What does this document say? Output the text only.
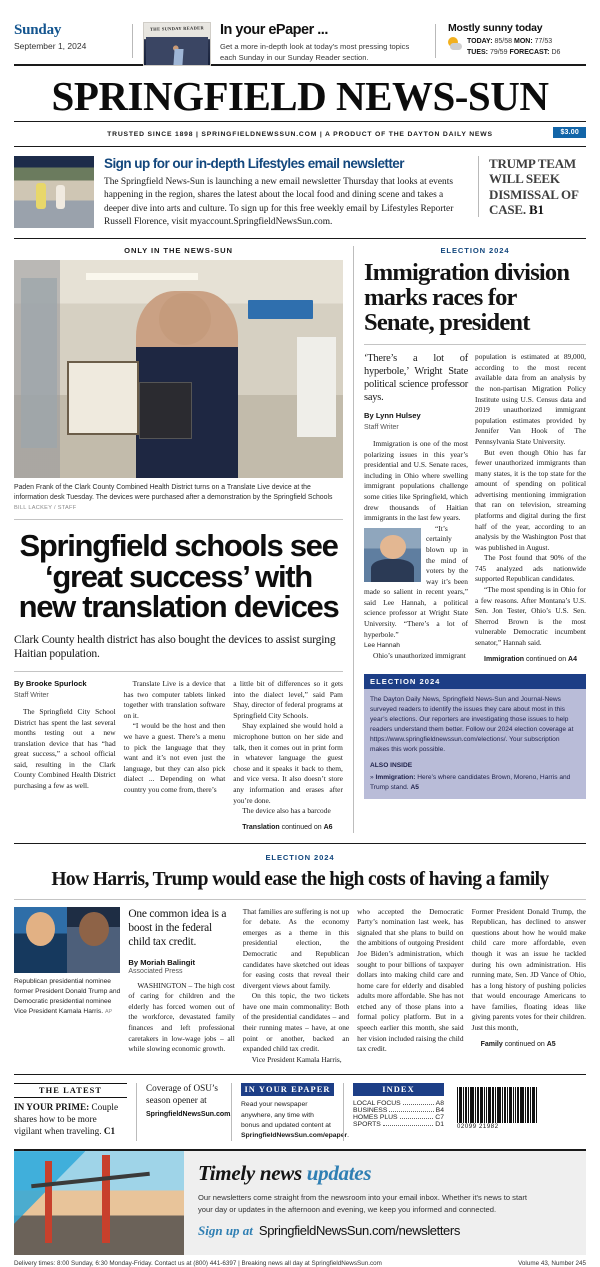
Sunday
September 1, 2024
THE SUNDAY READER In your ePaper ...
Get a more in-depth look at today's most pressing topics each Sunday in our Sunday Reader section.
Mostly sunny today
TODAY: 85/58 MON: 77/53
TUES: 79/59 FORECAST: D6
SPRINGFIELD NEWS-SUN
TRUSTED SINCE 1898 | SPRINGFIELDNEWSSUN.COM | A PRODUCT OF THE DAYTON DAILY NEWS	$3.00
Sign up for our in-depth Lifestyles email newsletter
The Springfield News-Sun is launching a new email newsletter Thursday that looks at events happening in the region, shares the latest about the local food and dining scene and takes a deeper dive into arts and culture. To sign up for this free weekly email by Lifestyles Reporter Russell Florence, visit myaccount.SpringfieldNewsSun.com.
TRUMP TEAM WILL SEEK DISMISSAL OF CASE. B1
ONLY IN THE NEWS-SUN
Paden Frank of the Clark County Combined Health District turns on a Translate Live device at the information desk Tuesday. The devices were purchased after a demonstration by the Springfield Schools BILL LACKEY / STAFF
Springfield schools see ‘great success’ with new translation devices
Clark County health district has also bought the devices to assist surging Haitian population.
By Brooke Spurlock
Staff Writer

The Springfield City School District has spent the last several months testing out a new translation device that has “had great success,” a school official said, resulting in the Clark County Combined Health District purchasing a few as well.

Translate Live is a device that has two computer tablets linked together with translation software on it.

“I would be the host and then we have a guest. There’s a menu to pick the language that they want and it’s not even just the language, but they can also pick dialect ... Depending on what country you come from, there’s

a little bit of differences so it gets into the dialect level,” said Pam Shay, director of federal programs at Springfield City Schools.

Shay explained she would hold a microphone button on her side and talk, then it comes out in print form in whatever language the guest chose and it speaks it back to them, and vice versa. It also doesn’t store any information and erases after you’re done.

The device also has a barcode

Translation continued on A6

ELECTION 2024
Immigration division marks races for Senate, president
‘There’s a lot of hyperbole,’ Wright State political science professor says.
By Lynn Hulsey
Staff Writer

Immigration is one of the most polarizing issues in this year’s presidential and U.S. Senate races, including in Ohio where swelling immigrant populations challenge some cities like Springfield, which drew thousands of Haitian immigrants in the last few years.

“It’s certainly blown up in the mind of voters by the way it’s been made so salient in recent years,” said Lee Hannah, a political science professor at Wright State University. “There’s a lot of hyperbole.”

Lee Hannah

Ohio’s unauthorized immigrant

population is estimated at 89,000, according to the most recent available data from an analysis by the non-partisan Migration Policy Institute using U.S. Census data and 2019 unauthorized immigrant population estimates provided by Jennifer Van Hook of The Pennsylvania State University.

But even though Ohio has far fewer unauthorized immigrants than many states, it is the top state for the amount of spending on political advertising mentioning immigration that ran on television, streaming platforms and digital during the first half of the year, according to an analysis by the Washington Post that was published in August.

The Post found that 90% of the 745 analyzed ads nationwide supported Republican candidates.

“The most spending is in Ohio for a few reasons. After Montana’s U.S. Sen. Jon Tester, Ohio’s U.S. Sen. Sherrod Brown is the most vulnerable Democratic incumbent senator,” Hannah said.

Immigration continued on A4

ELECTION 2024
The Dayton Daily News, Springfield News-Sun and Journal-News surveyed readers to identify the issues they care about most in this year’s elections. Our reporters are investigating those issues to help readers understand them better. Follow our 2024 election coverage at https://www.springfieldnewssun.com/elections/. Your subscription makes this work possible.
ALSO INSIDE
» Immigration: Here’s where candidates Brown, Moreno, Harris and Trump stand. A5
ELECTION 2024
How Harris, Trump would ease the high costs of having a family
Republican presidential nominee former President Donald Trump and Democratic presidential nominee Vice President Kamala Harris. AP
One common idea is a boost in the federal child tax credit.
By Moriah Balingit
Associated Press

WASHINGTON – The high cost of caring for children and the elderly has forced women out of the workforce, devastated family finances and left professional caretakers in low-wage jobs – all while slowing economic growth.

That families are suffering is not up for debate. As the economy emerges as a theme in this presidential election, the Democratic and Republican candidates have sketched out ideas for easing costs that reveal their divergent views about family.

On this topic, the two tickets have one main commonality: Both of the presidential candidates – and their running mates – have, at one point or another, backed an expanded child tax credit.

Vice President Kamala Harris,

who accepted the Democratic Party’s nomination last week, has signaled that she plans to build on the ambitions of outgoing President Joe Biden’s administration, which sought to pour billions of taxpayer dollars into making child care and home care for elderly and disabled adults more affordable. She has not etched any of those plans into a formal policy platform. But in a speech earlier this month, she said her vision included raising the child tax credit.

Former President Donald Trump, the Republican, has declined to answer questions about how he would make child care more affordable, even though it was an issue he tackled during his own administration. His running mate, Sen. JD Vance of Ohio, has a long history of pushing policies that would encourage Americans to have families, floating ideas like giving parents votes for their children. Just this month,

Family continued on A5

THE LATEST
IN YOUR PRIME: Couple shares how to be more vigilant when traveling. C1
Coverage of OSU’s season opener at
SpringfieldNewsSun.com.
IN YOUR EPAPER
Read your newspaper anywhere, any time with bonus and updated content at SpringfieldNewsSun.com/epaper.
INDEX
LOCAL FOCUS	A8
BUSINESS	B4
HOMES PLUS	C7
SPORTS	D1 02099 21982
Timely news updates
Our newsletters come straight from the newsroom into your email inbox. Whether it's news to start your day or updates in the afternoon and evening, we keep you informed and connected.
Sign up at SpringfieldNewsSun.com/newsletters
Delivery times: 8:00 Sunday, 6:30 Monday-Friday. Contact us at (800) 441-6397 | Breaking news all day at SpringfieldNewsSun.com	Volume 43, Number 245
